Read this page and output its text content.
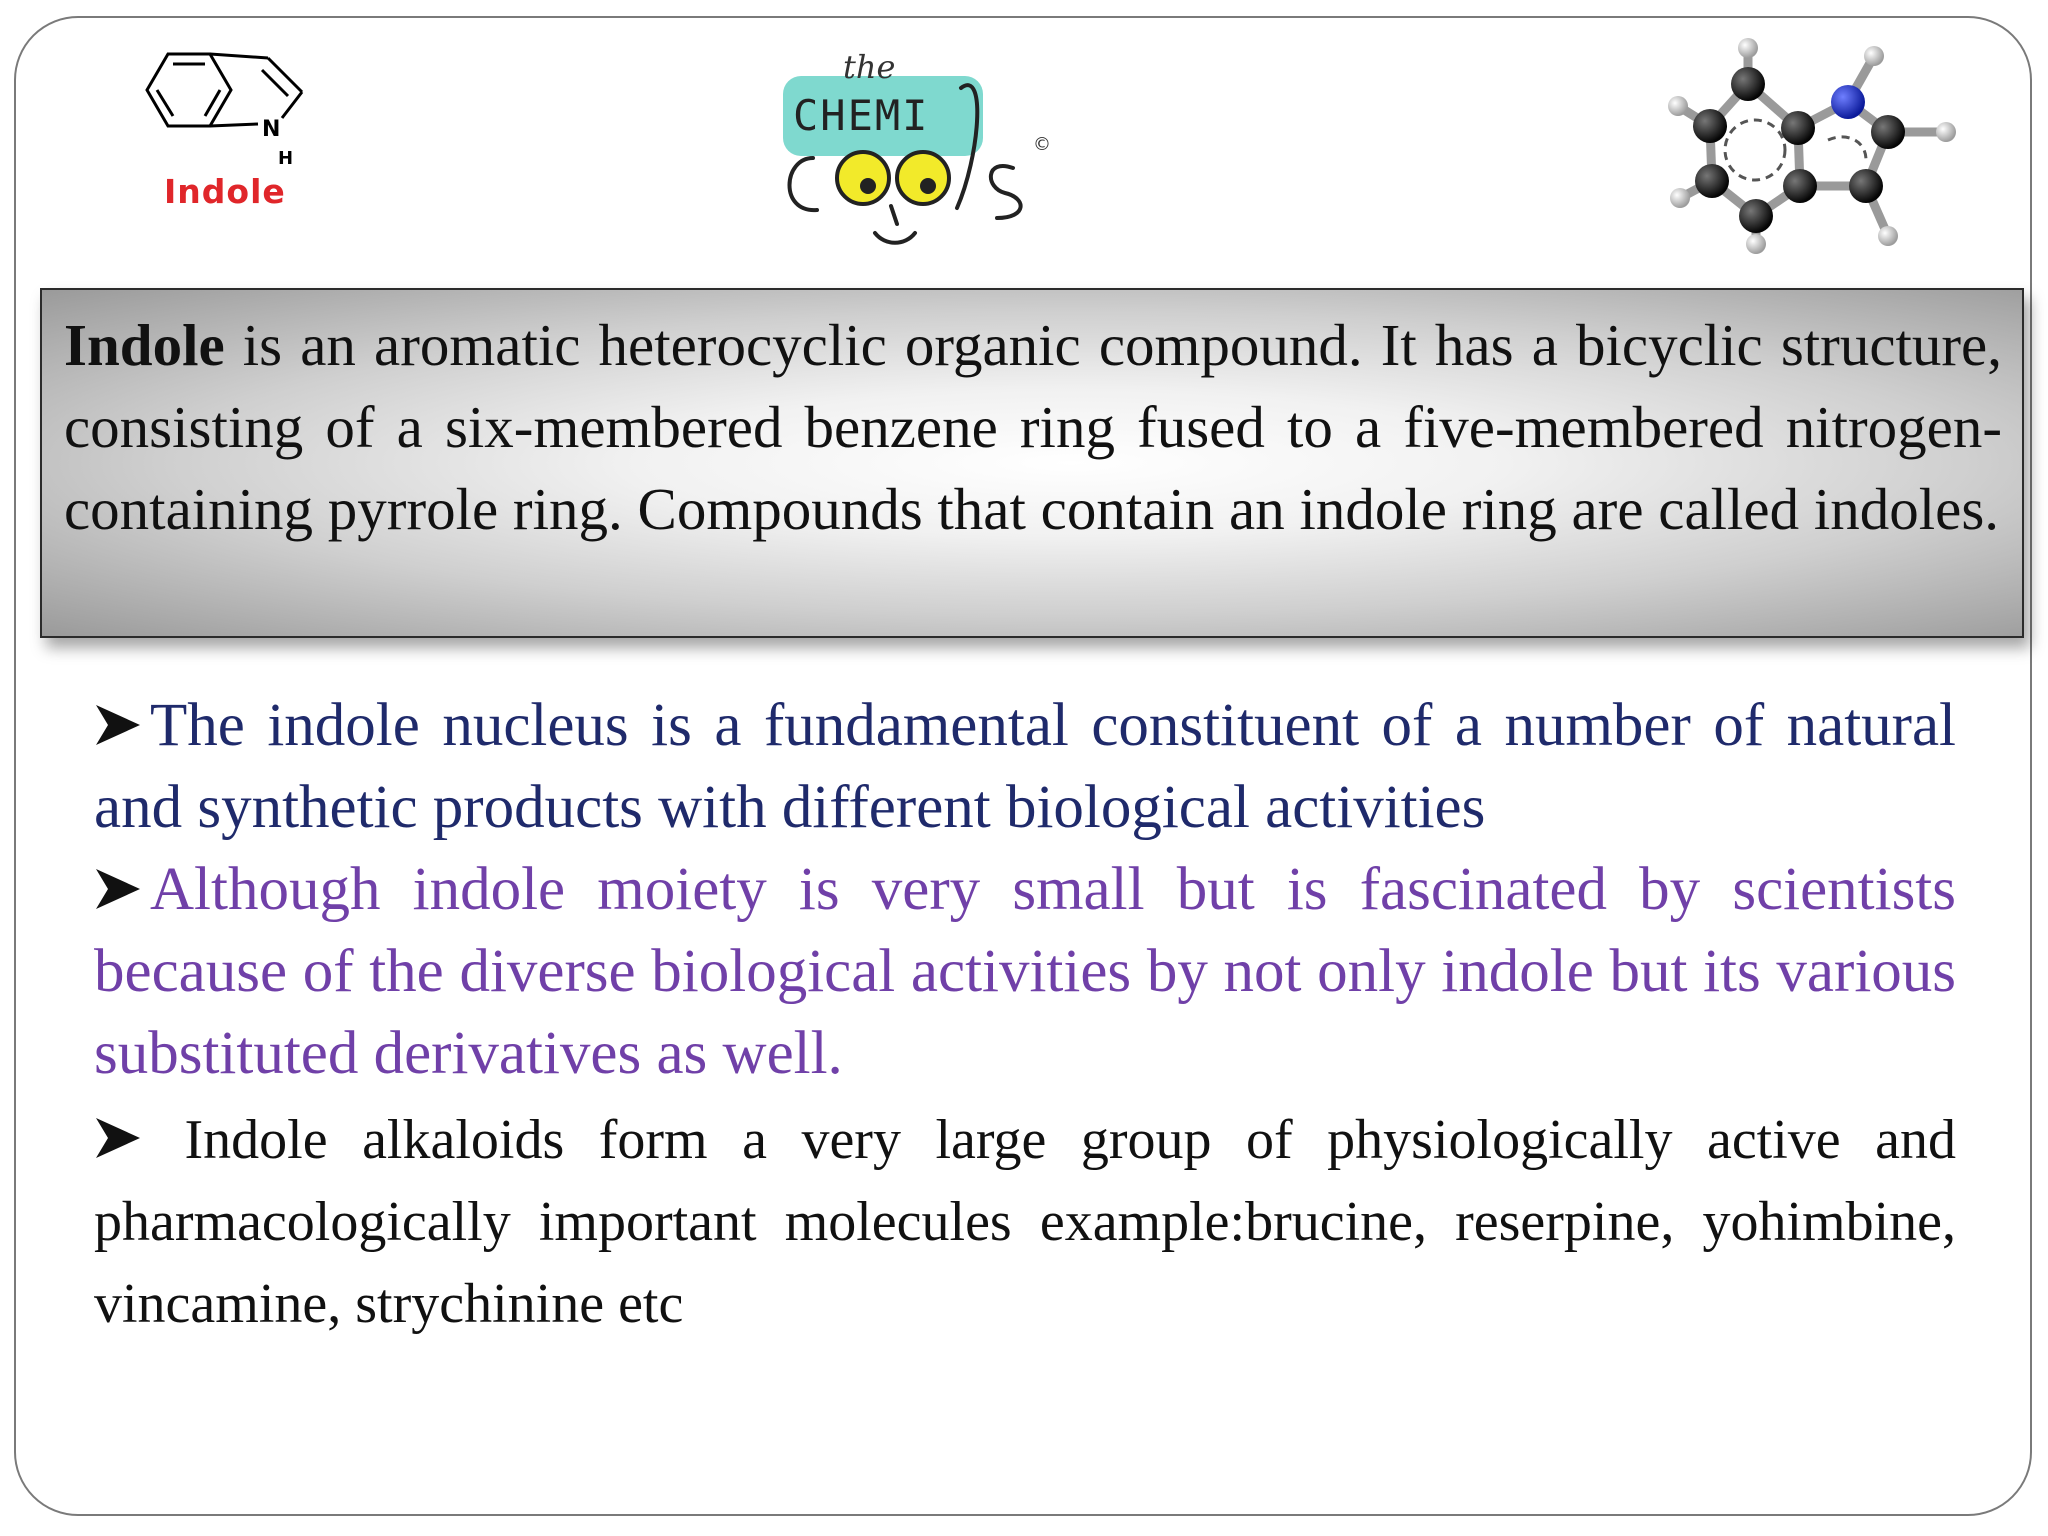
N
H
Indole
the
CHEMI
©

Indole is an aromatic heterocyclic organic compound. It has a bicyclic structure, consisting of a six-membered benzene ring fused to a five-membered nitrogen-containing pyrrole ring. Compounds that contain an indole ring are called indoles.

The indole nucleus is a fundamental constituent of a number of natural and synthetic products with different biological activities

Although indole moiety is very small but is fascinated by scientists because of the diverse biological activities by not only indole but its various substituted derivatives as well.

Indole alkaloids form a very large group of physiologically active and pharmacologically important molecules example:brucine, reserpine, yohimbine, vincamine, strychinine etc
